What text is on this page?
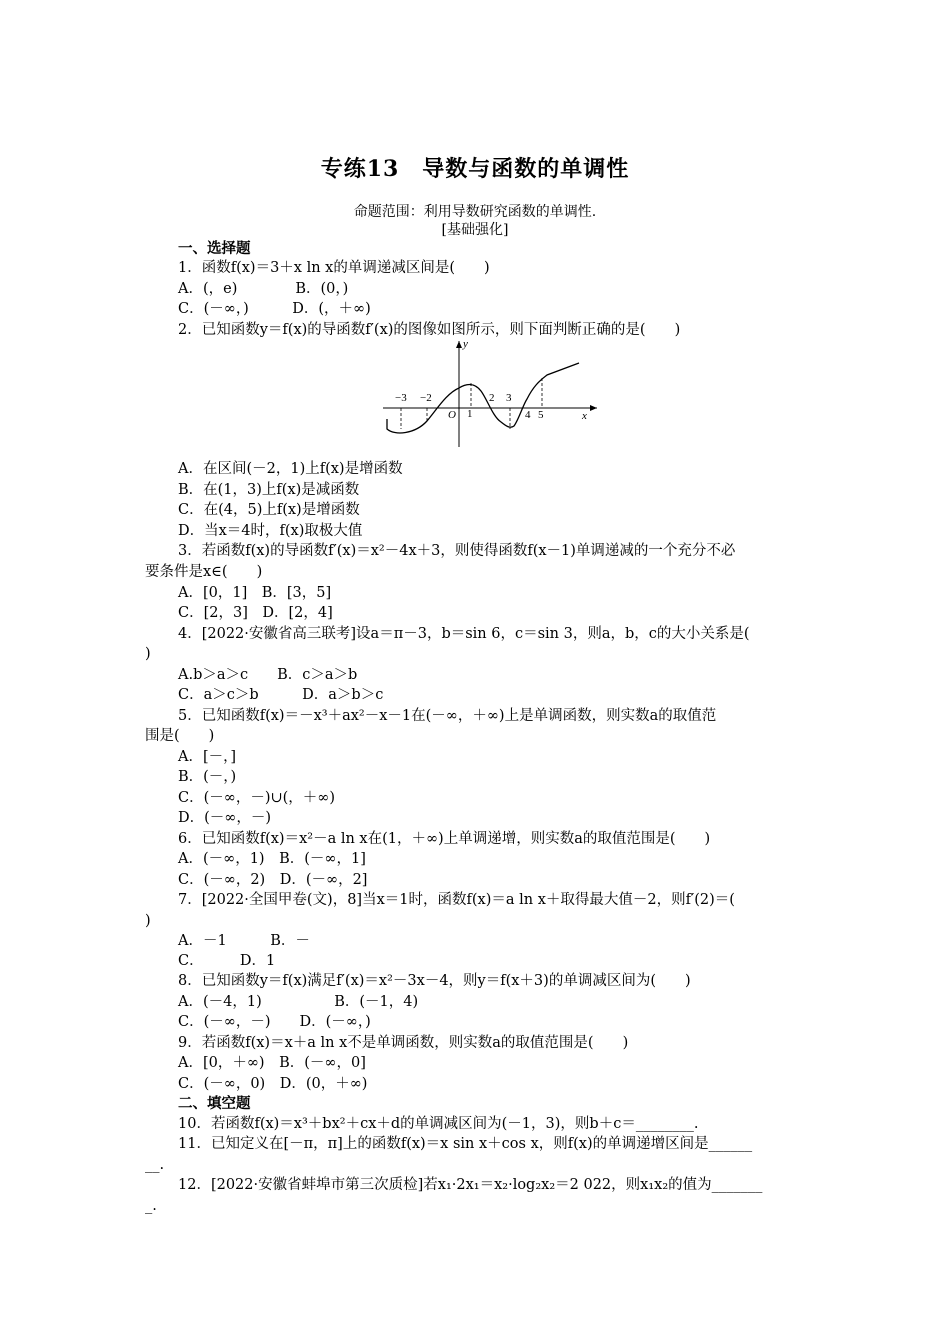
专练13　导数与函数的单调性
命题范围：利用导数研究函数的单调性.
[基础强化]
一、选择题
1．函数f(x)＝3＋x ln x的单调递减区间是(　　)
A．(，e)　　　　B．(0，)
C．(－∞，)　　　D．(，＋∞)
2．已知函数y＝f(x)的导函数f′(x)的图像如图所示，则下面判断正确的是(　　)
y
x
O
−3 −2
1
2 3
4 5
A．在区间(－2，1)上f(x)是增函数
B．在(1，3)上f(x)是减函数
C．在(4，5)上f(x)是增函数
D．当x＝4时，f(x)取极大值
3．若函数f(x)的导函数f′(x)＝x²－4x＋3，则使得函数f(x－1)单调递减的一个充分不必
要条件是x∈(　　)
A．[0，1]　B．[3，5]
C．[2，3]　D．[2，4]
4．[2022·安徽省高三联考]设a＝π－3，b＝sin 6，c＝sin 3，则a，b，c的大小关系是(
)
A.b＞a＞c　　B．c＞a＞b
C．a＞c＞b　　　D．a＞b＞c
5．已知函数f(x)＝－x³＋ax²－x－1在(－∞，＋∞)上是单调函数，则实数a的取值范
围是(　　)
A．[－，]
B．(－，)
C．(－∞，－)∪(，＋∞)
D．(－∞，－)
6．已知函数f(x)＝x²－a ln x在(1，＋∞)上单调递增，则实数a的取值范围是(　　)
A．(－∞，1)　B．(－∞，1]
C．(－∞，2)　D．(－∞，2]
7．[2022·全国甲卷(文)，8]当x＝1时，函数f(x)＝a ln x＋取得最大值－2，则f′(2)＝(
)
A．－1　　　B．－
C．　　　D．1
8．已知函数y＝f(x)满足f′(x)＝x²－3x－4，则y＝f(x＋3)的单调减区间为(　　)
A．(－4，1)　　　　　B．(－1，4)
C．(－∞，－)　　D．(－∞，)
9．若函数f(x)＝x＋a ln x不是单调函数，则实数a的取值范围是(　　)
A．[0，＋∞)　B．(－∞，0]
C．(－∞，0)　D．(0，＋∞)
二、填空题
10．若函数f(x)＝x³＋bx²＋cx＋d的单调减区间为(－1，3)，则b＋c＝________.
11．已知定义在[－π，π]上的函数f(x)＝x sin x＋cos x，则f(x)的单调递增区间是______
__.
12．[2022·安徽省蚌埠市第三次质检]若x₁·2x₁＝x₂·log₂x₂＝2 022，则x₁x₂的值为_______
_.
